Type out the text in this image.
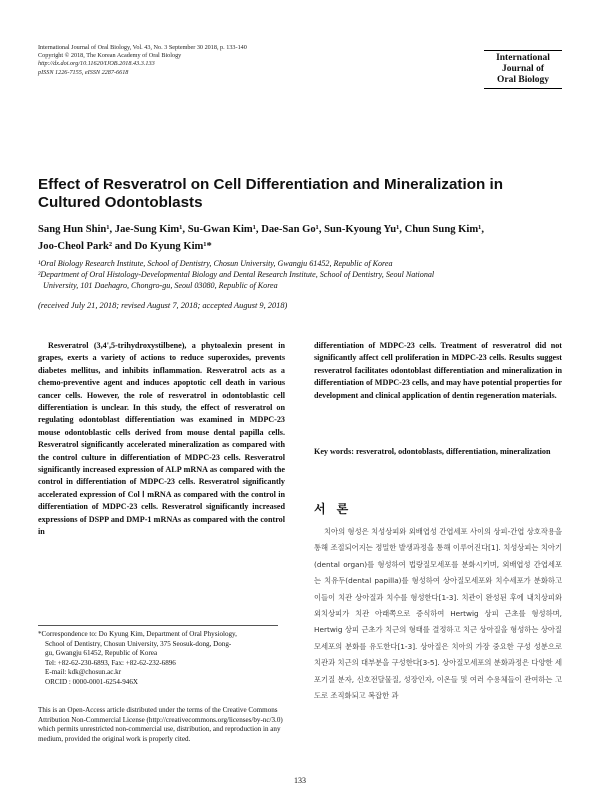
International Journal of Oral Biology, Vol. 43, No. 3 September 30 2018, p. 133-140
Copyright © 2018, The Korean Academy of Oral Biology
http://dx.doi.org/10.11620/IJOB.2018.43.3.133
pISSN 1226-7155, eISSN 2287-6618
International
Journal of
Oral Biology
Effect of Resveratrol on Cell Differentiation and Mineralization in Cultured Odontoblasts
Sang Hun Shin¹, Jae-Sung Kim¹, Su-Gwan Kim¹, Dae-San Go¹, Sun-Kyoung Yu¹, Chun Sung Kim¹,
Joo-Cheol Park² and Do Kyung Kim¹*
¹Oral Biology Research Institute, School of Dentistry, Chosun University, Gwangju 61452, Republic of Korea
²Department of Oral Histology-Developmental Biology and Dental Research Institute, School of Dentistry, Seoul National
University, 101 Daehagro, Chongro-gu, Seoul 03080, Republic of Korea
(received July 21, 2018; revised August 7, 2018; accepted August 9, 2018)

Resveratrol (3,4',5-trihydroxystilbene), a phytoalexin present in grapes, exerts a variety of actions to reduce superoxides, prevents diabetes mellitus, and inhibits inflammation. Resveratrol acts as a chemo-preventive agent and induces apoptotic cell death in various cancer cells. However, the role of resveratrol in odontoblastic cell differentiation is unclear. In this study, the effect of resveratrol on regulating odontoblast differentiation was examined in MDPC-23 mouse odontoblastic cells derived from mouse dental papilla cells. Resveratrol significantly accelerated mineralization as compared with the control culture in differentiation of MDPC-23 cells. Resveratrol significantly increased expression of ALP mRNA as compared with the control in differentiation of MDPC-23 cells. Resveratrol significantly accelerated expression of Col Ⅰ mRNA as compared with the control in differentiation of MDPC-23 cells. Resveratrol significantly increased expressions of DSPP and DMP-1 mRNAs as compared with the control in

*Correspondence to: Do Kyung Kim, Department of Oral Physiology,
School of Dentistry, Chosun University, 375 Seosuk-dong, Dong-
gu, Gwangju 61452, Republic of Korea
Tel: +82-62-230-6893, Fax: +82-62-232-6896
E-mail: kdk@chosun.ac.kr
ORCID : 0000-0001-6254-946X
This is an Open-Access article distributed under the terms of the Creative Commons Attribution Non-Commercial License (http://creativecommons.org/licenses/by-nc/3.0) which permits unrestricted non-commercial use, distribution, and reproduction in any medium, provided the original work is properly cited.

differentiation of MDPC-23 cells. Treatment of resveratrol did not significantly affect cell proliferation in MDPC-23 cells. Results suggest resveratrol facilitates odontoblast differentiation and mineralization in differentiation of MDPC-23 cells, and may have potential properties for development and clinical application of dentin regeneration materials.

Key words: resveratrol, odontoblasts, differentiation, mineralization
서 론

치아의 형성은 치성상피와 외배엽성 간엽세포 사이의 상피-간엽 상호작용을 통해 조절되어지는 정밀한 발생과정을 통해 이루어진다[1]. 치성상피는 치아기(dental organ)를 형성하여 법랑질모세포를 분화시키며, 외배엽성 간엽세포는 치유두(dental papilla)를 형성하여 상아질모세포와 치수세포가 분화하고 이들이 치관 상아질과 치수를 형성한다[1-3]. 치관이 완성된 후에 내치상피와 외치상피가 치관 아래쪽으로 증식하여 Hertwig 상피 근초를 형성하며, Hertwig 상피 근초가 치근의 형태를 결정하고 치근 상아질을 형성하는 상아질모세포의 분화를 유도한다[1-3]. 상아질은 치아의 가장 중요한 구성 성분으로 치관과 치근의 대부분을 구성한다[3-5]. 상아질모세포의 분화과정은 다양한 세포기질 분자, 신호전달물질, 성장인자, 이온들 및 여러 수용체들이 관여하는 고도로 조직화되고 복잡한 과

133
